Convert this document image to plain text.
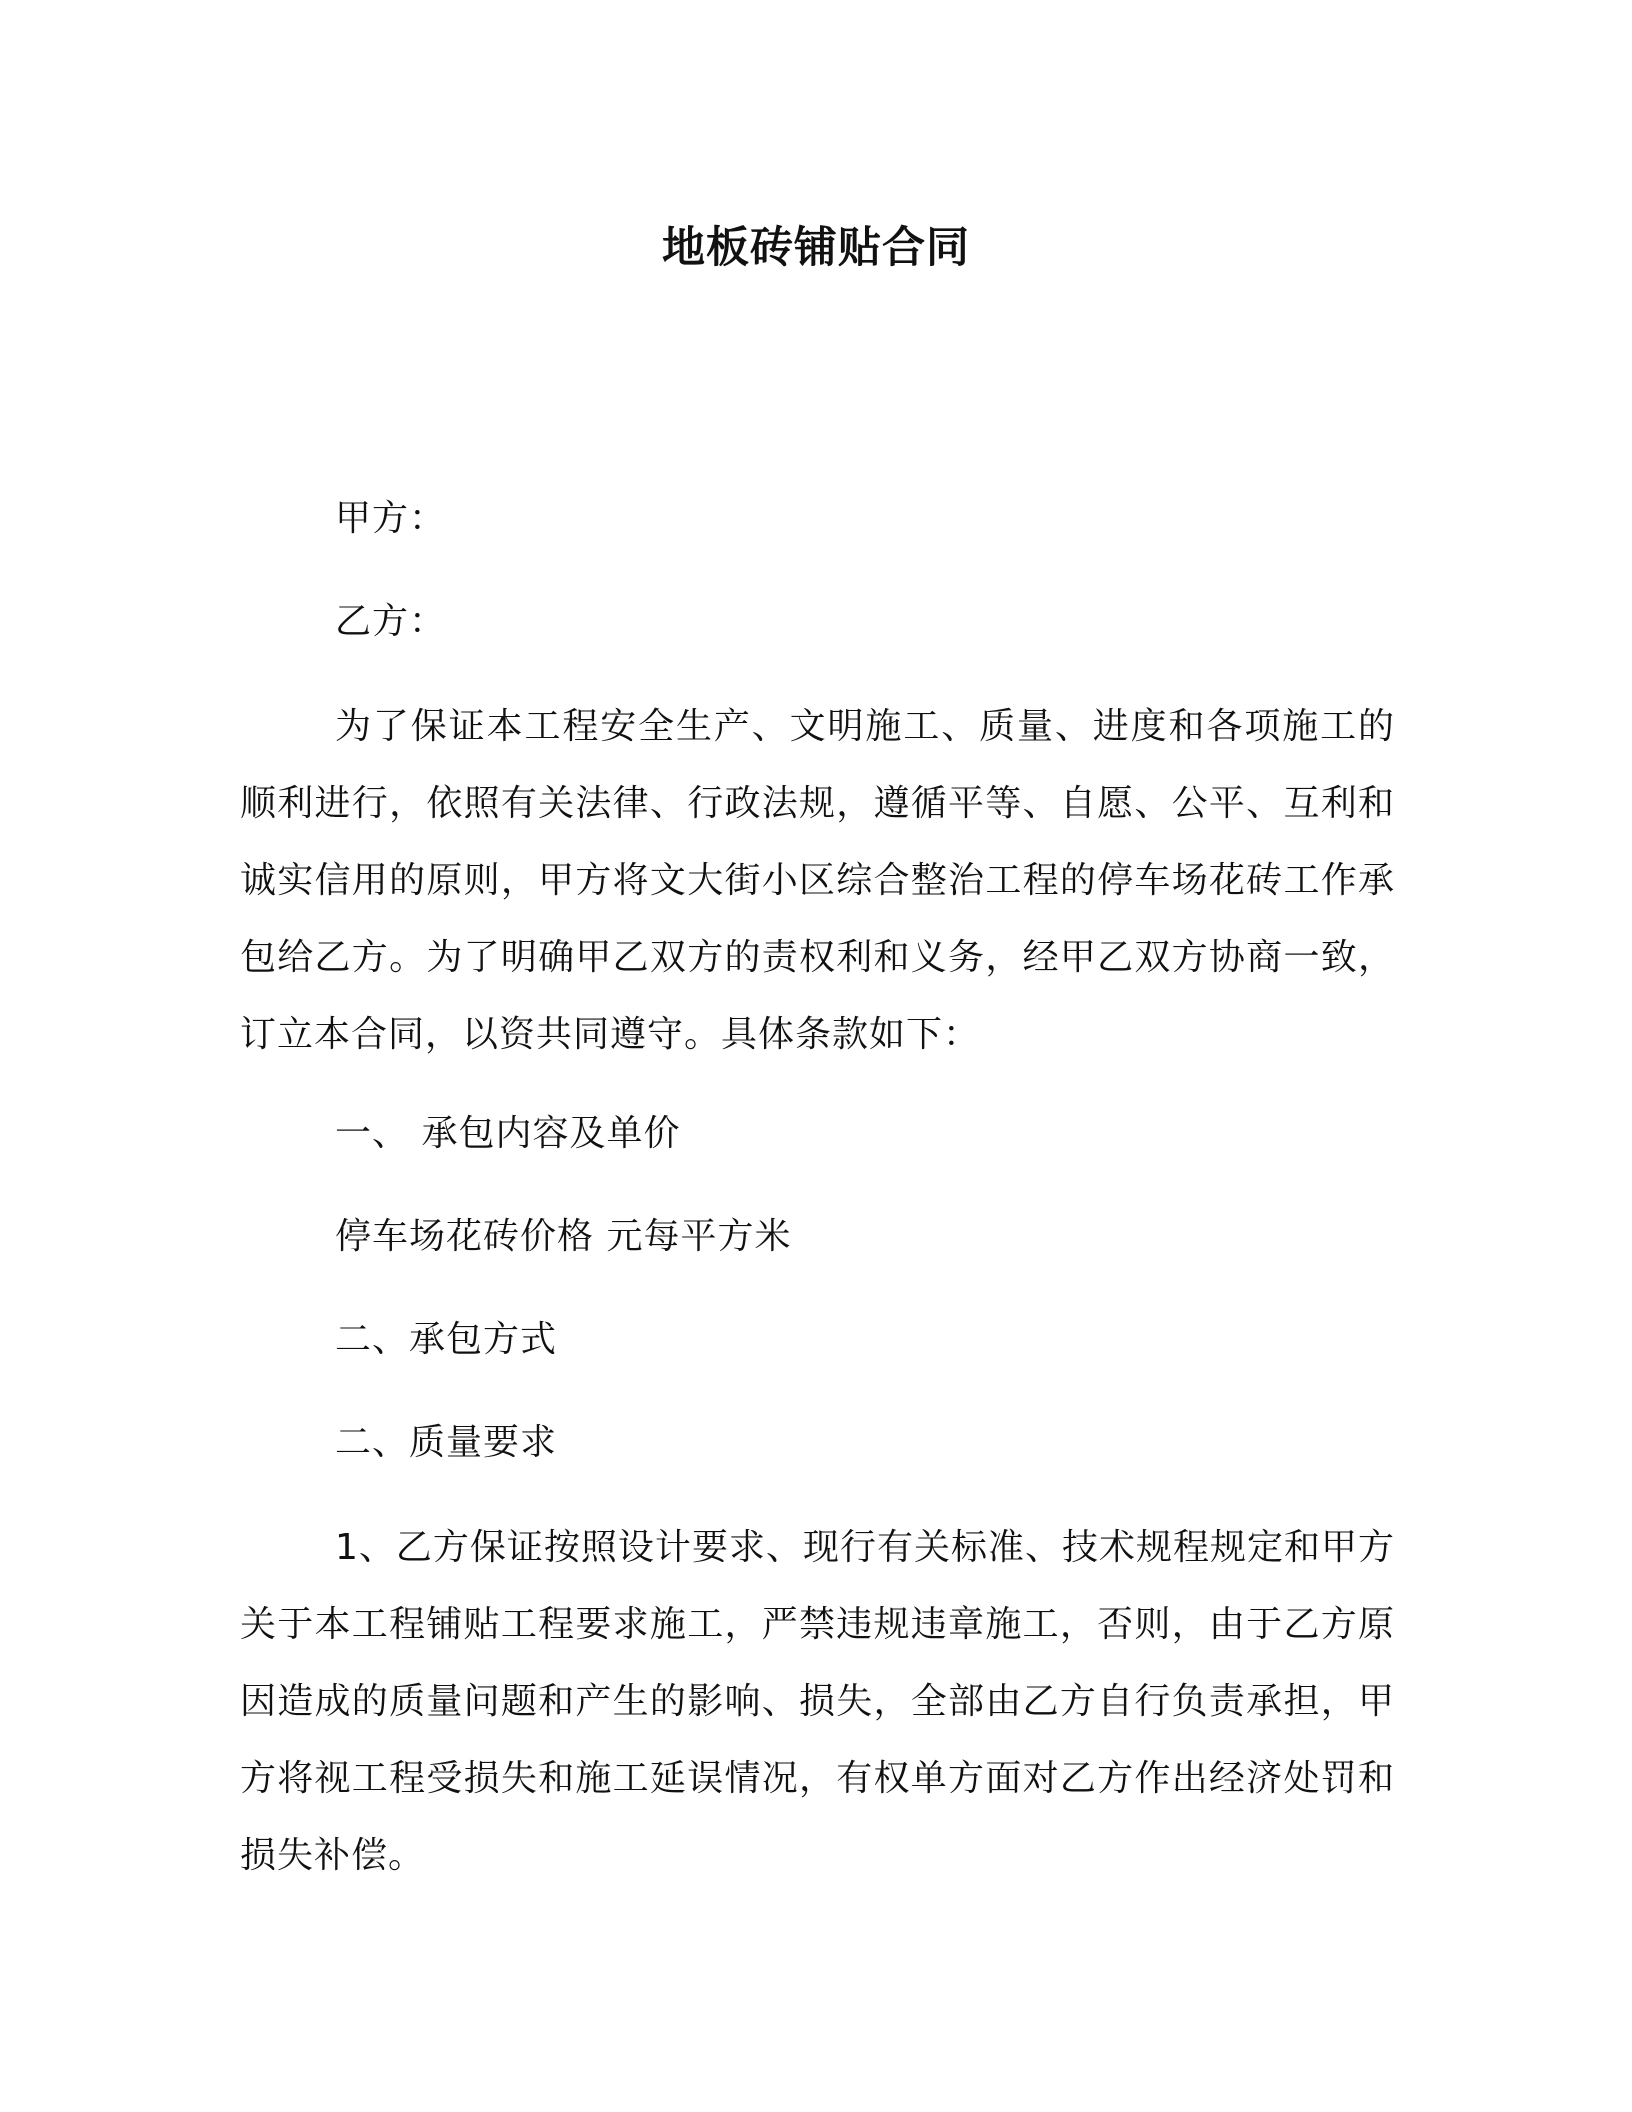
地板砖铺贴合同
甲方：
乙方：
为了保证本工程安全生产、文明施工、质量、进度和各项施工的顺利进行，依照有关法律、行政法规，遵循平等、自愿、公平、互利和诚实信用的原则，甲方将文大街小区综合整治工程的停车场花砖工作承包给乙方。为了明确甲乙双方的责权利和义务，经甲乙双方协商一致，订立本合同，以资共同遵守。具体条款如下：
一、 承包内容及单价
停车场花砖价格 元每平方米
二、承包方式
二、质量要求
1、乙方保证按照设计要求、现行有关标准、技术规程规定和甲方关于本工程铺贴工程要求施工，严禁违规违章施工，否则，由于乙方原因造成的质量问题和产生的影响、损失，全部由乙方自行负责承担，甲方将视工程受损失和施工延误情况，有权单方面对乙方作出经济处罚和损失补偿。
